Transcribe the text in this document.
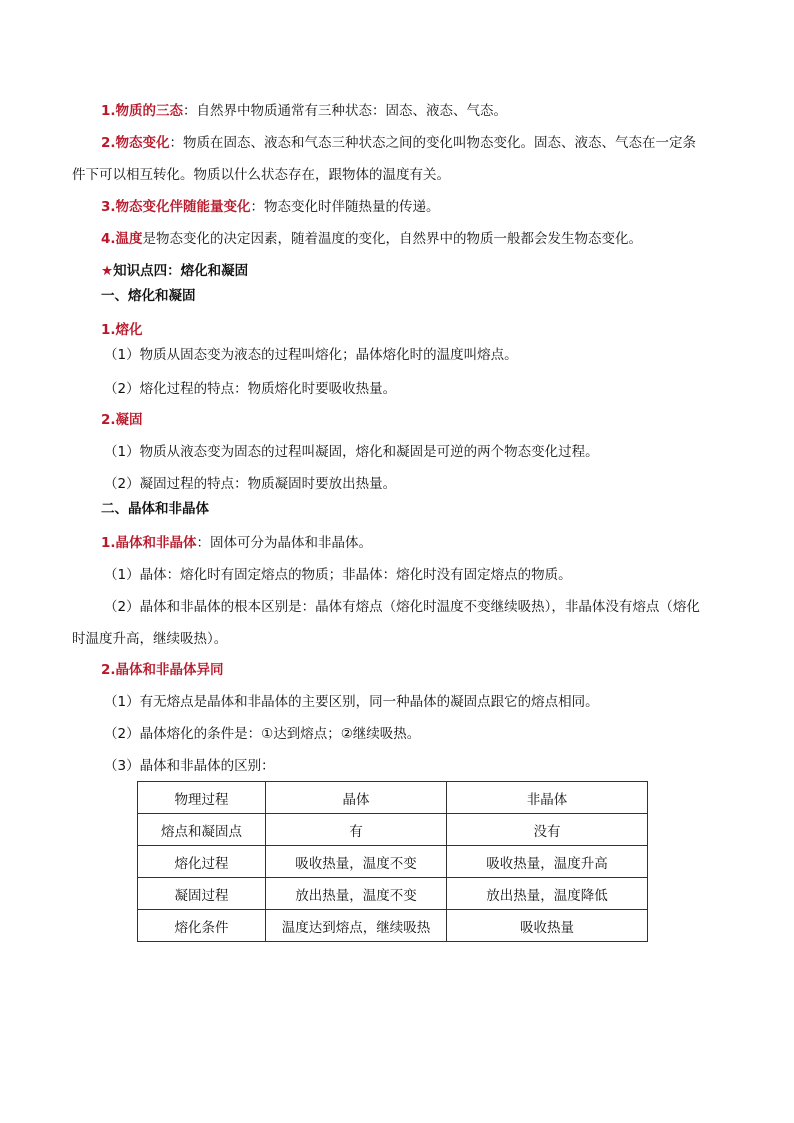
1.物质的三态：自然界中物质通常有三种状态：固态、液态、气态。
2.物态变化：物质在固态、液态和气态三种状态之间的变化叫物态变化。固态、液态、气态在一定条
件下可以相互转化。物质以什么状态存在，跟物体的温度有关。
3.物态变化伴随能量变化：物态变化时伴随热量的传递。
4.温度是物态变化的决定因素，随着温度的变化，自然界中的物质一般都会发生物态变化。
★知识点四：熔化和凝固
一、熔化和凝固
1.熔化
（1）物质从固态变为液态的过程叫熔化；晶体熔化时的温度叫熔点。
（2）熔化过程的特点：物质熔化时要吸收热量。
2.凝固
（1）物质从液态变为固态的过程叫凝固，熔化和凝固是可逆的两个物态变化过程。
（2）凝固过程的特点：物质凝固时要放出热量。
二、晶体和非晶体
1.晶体和非晶体：固体可分为晶体和非晶体。
（1）晶体：熔化时有固定熔点的物质；非晶体：熔化时没有固定熔点的物质。
（2）晶体和非晶体的根本区别是：晶体有熔点（熔化时温度不变继续吸热），非晶体没有熔点（熔化
时温度升高，继续吸热）。
2.晶体和非晶体异同
（1）有无熔点是晶体和非晶体的主要区别，同一种晶体的凝固点跟它的熔点相同。
（2）晶体熔化的条件是：①达到熔点；②继续吸热。
（3）晶体和非晶体的区别：
物理过程	晶体	非晶体
熔点和凝固点	有	没有
熔化过程	吸收热量，温度不变	吸收热量，温度升高
凝固过程	放出热量，温度不变	放出热量，温度降低
熔化条件	温度达到熔点，继续吸热	吸收热量
